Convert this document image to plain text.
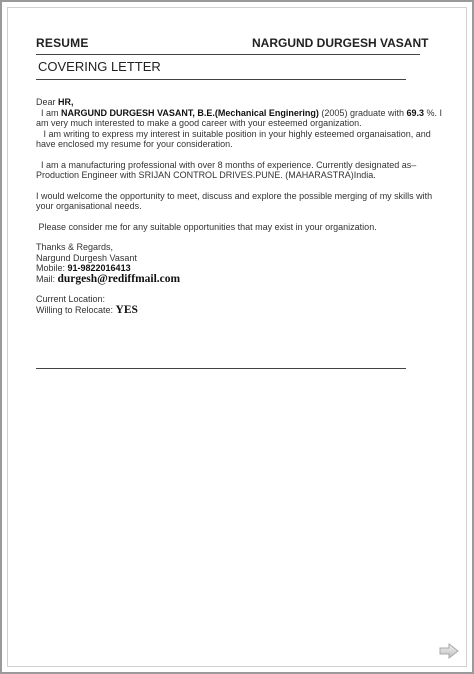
RESUME	NARGUND DURGESH VASANT
COVERING LETTER

Dear HR,

I am NARGUND DURGESH VASANT, B.E.(Mechanical Enginering) (2005) graduate with 69.3 %. I am very much interested to make a good career with your esteemed organization.

I am writing to express my interest in suitable position in your highly esteemed organaisation, and have enclosed my resume for your consideration.

I am a manufacturing professional with over 8 months of experience. Currently designated as– Production Engineer with SRIJAN CONTROL DRIVES.PUNE. (MAHARASTRA)India.

I would welcome the opportunity to meet, discuss and explore the possible merging of my skills with your organisational needs.

Please consider me for any suitable opportunities that may exist in your organization.

Thanks & Regards,

Nargund Durgesh Vasant

Mobile: 91-9822016413

Mail: durgesh@rediffmail.com

Current Location:

Willing to Relocate: YES
